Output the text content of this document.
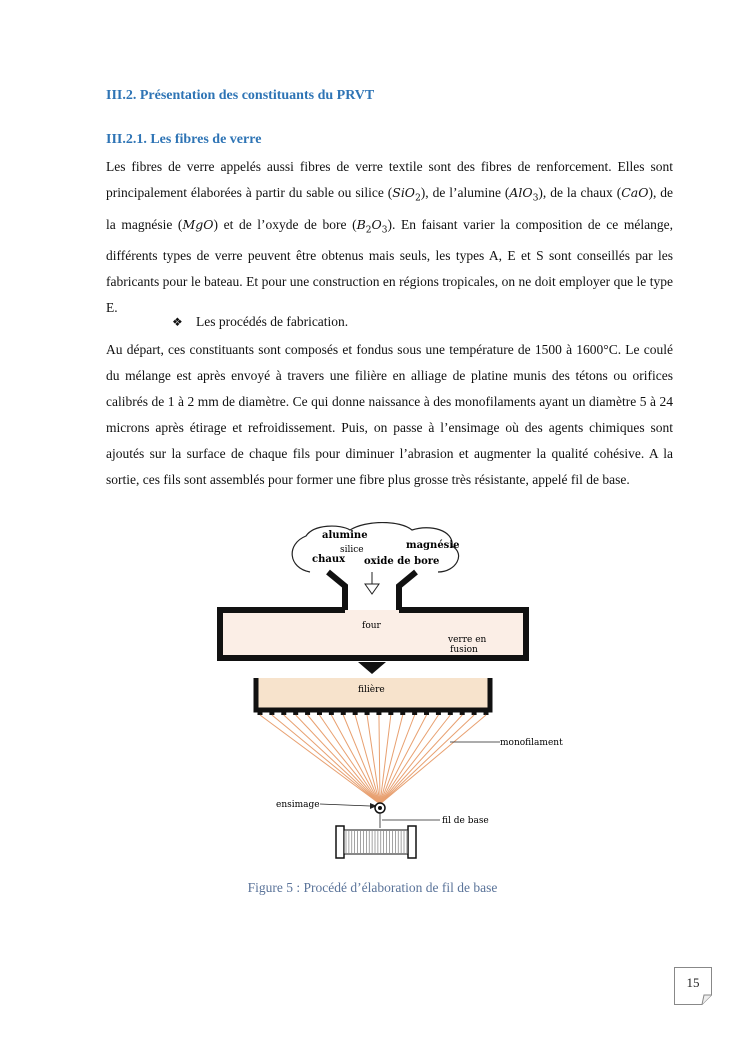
III.2. Présentation des constituants du PRVT
III.2.1. Les fibres de verre
Les fibres de verre appelés aussi fibres de verre textile sont des fibres de renforcement. Elles sont principalement élaborées à partir du sable ou silice (SiO$_2$), de l’alumine (AlO$_3$), de la chaux (CaO), de la magnésie (MgO) et de l’oxyde de bore $(B_2O_3)$. En faisant varier la composition de ce mélange, différents types de verre peuvent être obtenus mais seuls, les types A, E et S sont conseillés par les fabricants pour le bateau. Et pour une construction en régions tropicales, on ne doit employer que le type E.
❖ Les procédés de fabrication.
Au départ, ces constituants sont composés et fondus sous une température de 1500 à 1600°C. Le coulé du mélange est après envoyé à travers une filière en alliage de platine munis des tétons ou orifices calibrés de 1 à 2 mm de diamètre. Ce qui donne naissance à des monofilaments ayant un diamètre 5 à 24 microns après étirage et refroidissement. Puis, on passe à l’ensimage où des agents chimiques sont ajoutés sur la surface de chaque fils pour diminuer l’abrasion et augmenter la qualité cohésive. A la sortie, ces fils sont assemblés pour former une fibre plus grosse très résistante, appelé fil de base.
alumine
silice	magnésie
chaux oxide de bore
four
verre en
fusion
filière
monofilament
ensimage
fil de base
Figure 5 : Procédé d’élaboration de fil de base
15
